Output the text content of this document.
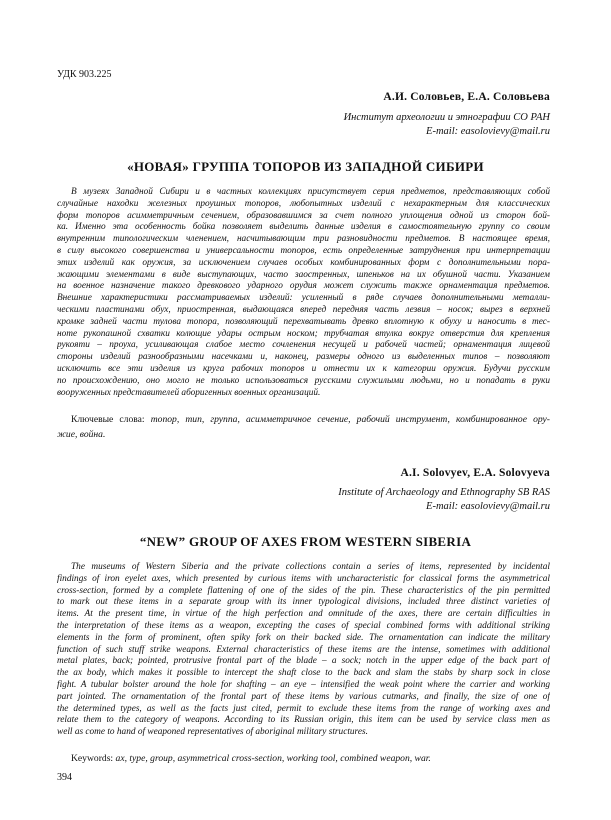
УДК 903.225
А.И. Соловьев, Е.А. Соловьева
Институт археологии и этнографии СО РАН
E-mail: easolovievy@mail.ru
«НОВАЯ» ГРУППА ТОПОРОВ ИЗ ЗАПАДНОЙ СИБИРИ
В музеях Западной Сибири и в частных коллекциях присутствует серия предметов, представляющих собой
случайные находки железных проушных топоров, любопытных изделий с нехарактерным для классических
форм топоров асимметричным сечением, образовавшимся за счет полного уплощения одной из сторон бой-
ка. Именно эта особенность бойка позволяет выделить данные изделия в самостоятельную группу со своим
внутренним типологическим членением, насчитывающим три разновидности предметов. В настоящее время,
в силу высокого совершенства и универсальности топоров, есть определенные затруднения при интерпретации
этих изделий как оружия, за исключением случаев особых комбинированных форм с дополнительными пора-
жающими элементами в виде выступающих, часто заостренных, шпеньков на их обушной части. Указанием
на военное назначение такого древкового ударного орудия может служить также орнаментация предметов.
Внешние характеристики рассматриваемых изделий: усиленный в ряде случаев дополнительными металли-
ческими пластинами обух, приостренная, выдающаяся вперед передняя часть лезвия – носок; вырез в верхней
кромке задней части тулова топора, позволяющий перехватывать древко вплотную к обуху и наносить в тес-
ноте рукопашной схватки колющие удары острым носком; трубчатая втулка вокруг отверстия для крепления
рукояти – проуха, усиливающая слабое место сочленения несущей и рабочей частей; орнаментация лицевой
стороны изделий разнообразными насечками и, наконец, размеры одного из выделенных типов – позволяют
исключить все эти изделия из круга рабочих топоров и отнести их к категории оружия. Будучи русским
по происхождению, оно могло не только использоваться русскими служилыми людьми, но и попадать в руки
вооруженных представителей аборигенных военных организаций.
Ключевые слова: топор, тип, группа, асимметричное сечение, рабочий инструмент, комбинированное ору-
жие, война.
A.I. Solovyev, E.A. Solovyeva
Institute of Archaeology and Ethnography SB RAS
E-mail: easolovievy@mail.ru
“NEW” GROUP OF AXES FROM WESTERN SIBERIA
The museums of Western Siberia and the private collections contain a series of items, represented by incidental
findings of iron eyelet axes, which presented by curious items with uncharacteristic for classical forms the asymmetrical
cross-section, formed by a complete flattening of one of the sides of the pin. These characteristics of the pin permitted
to mark out these items in a separate group with its inner typological divisions, included three distinct varieties of
items. At the present time, in virtue of the high perfection and omnitude of the axes, there are certain difficulties in
the interpretation of these items as a weapon, excepting the cases of special combined forms with additional striking
elements in the form of prominent, often spiky fork on their backed side. The ornamentation can indicate the military
function of such stuff strike weapons. External characteristics of these items are the intense, sometimes with additional
metal plates, back; pointed, protrusive frontal part of the blade – a sock; notch in the upper edge of the back part of
the ax body, which makes it possible to intercept the shaft close to the back and slam the stabs by sharp sock in close
fight. A tubular bolster around the hole for shafting – an eye – intensified the weak point where the carrier and working
part jointed. The ornamentation of the frontal part of these items by various cutmarks, and finally, the size of one of
the determined types, as well as the facts just cited, permit to exclude these items from the range of working axes and
relate them to the category of weapons. According to its Russian origin, this item can be used by service class men as
well as come to hand of weaponed representatives of aboriginal military structures.
Keywords: ax, type, group, asymmetrical cross-section, working tool, combined weapon, war.
394
